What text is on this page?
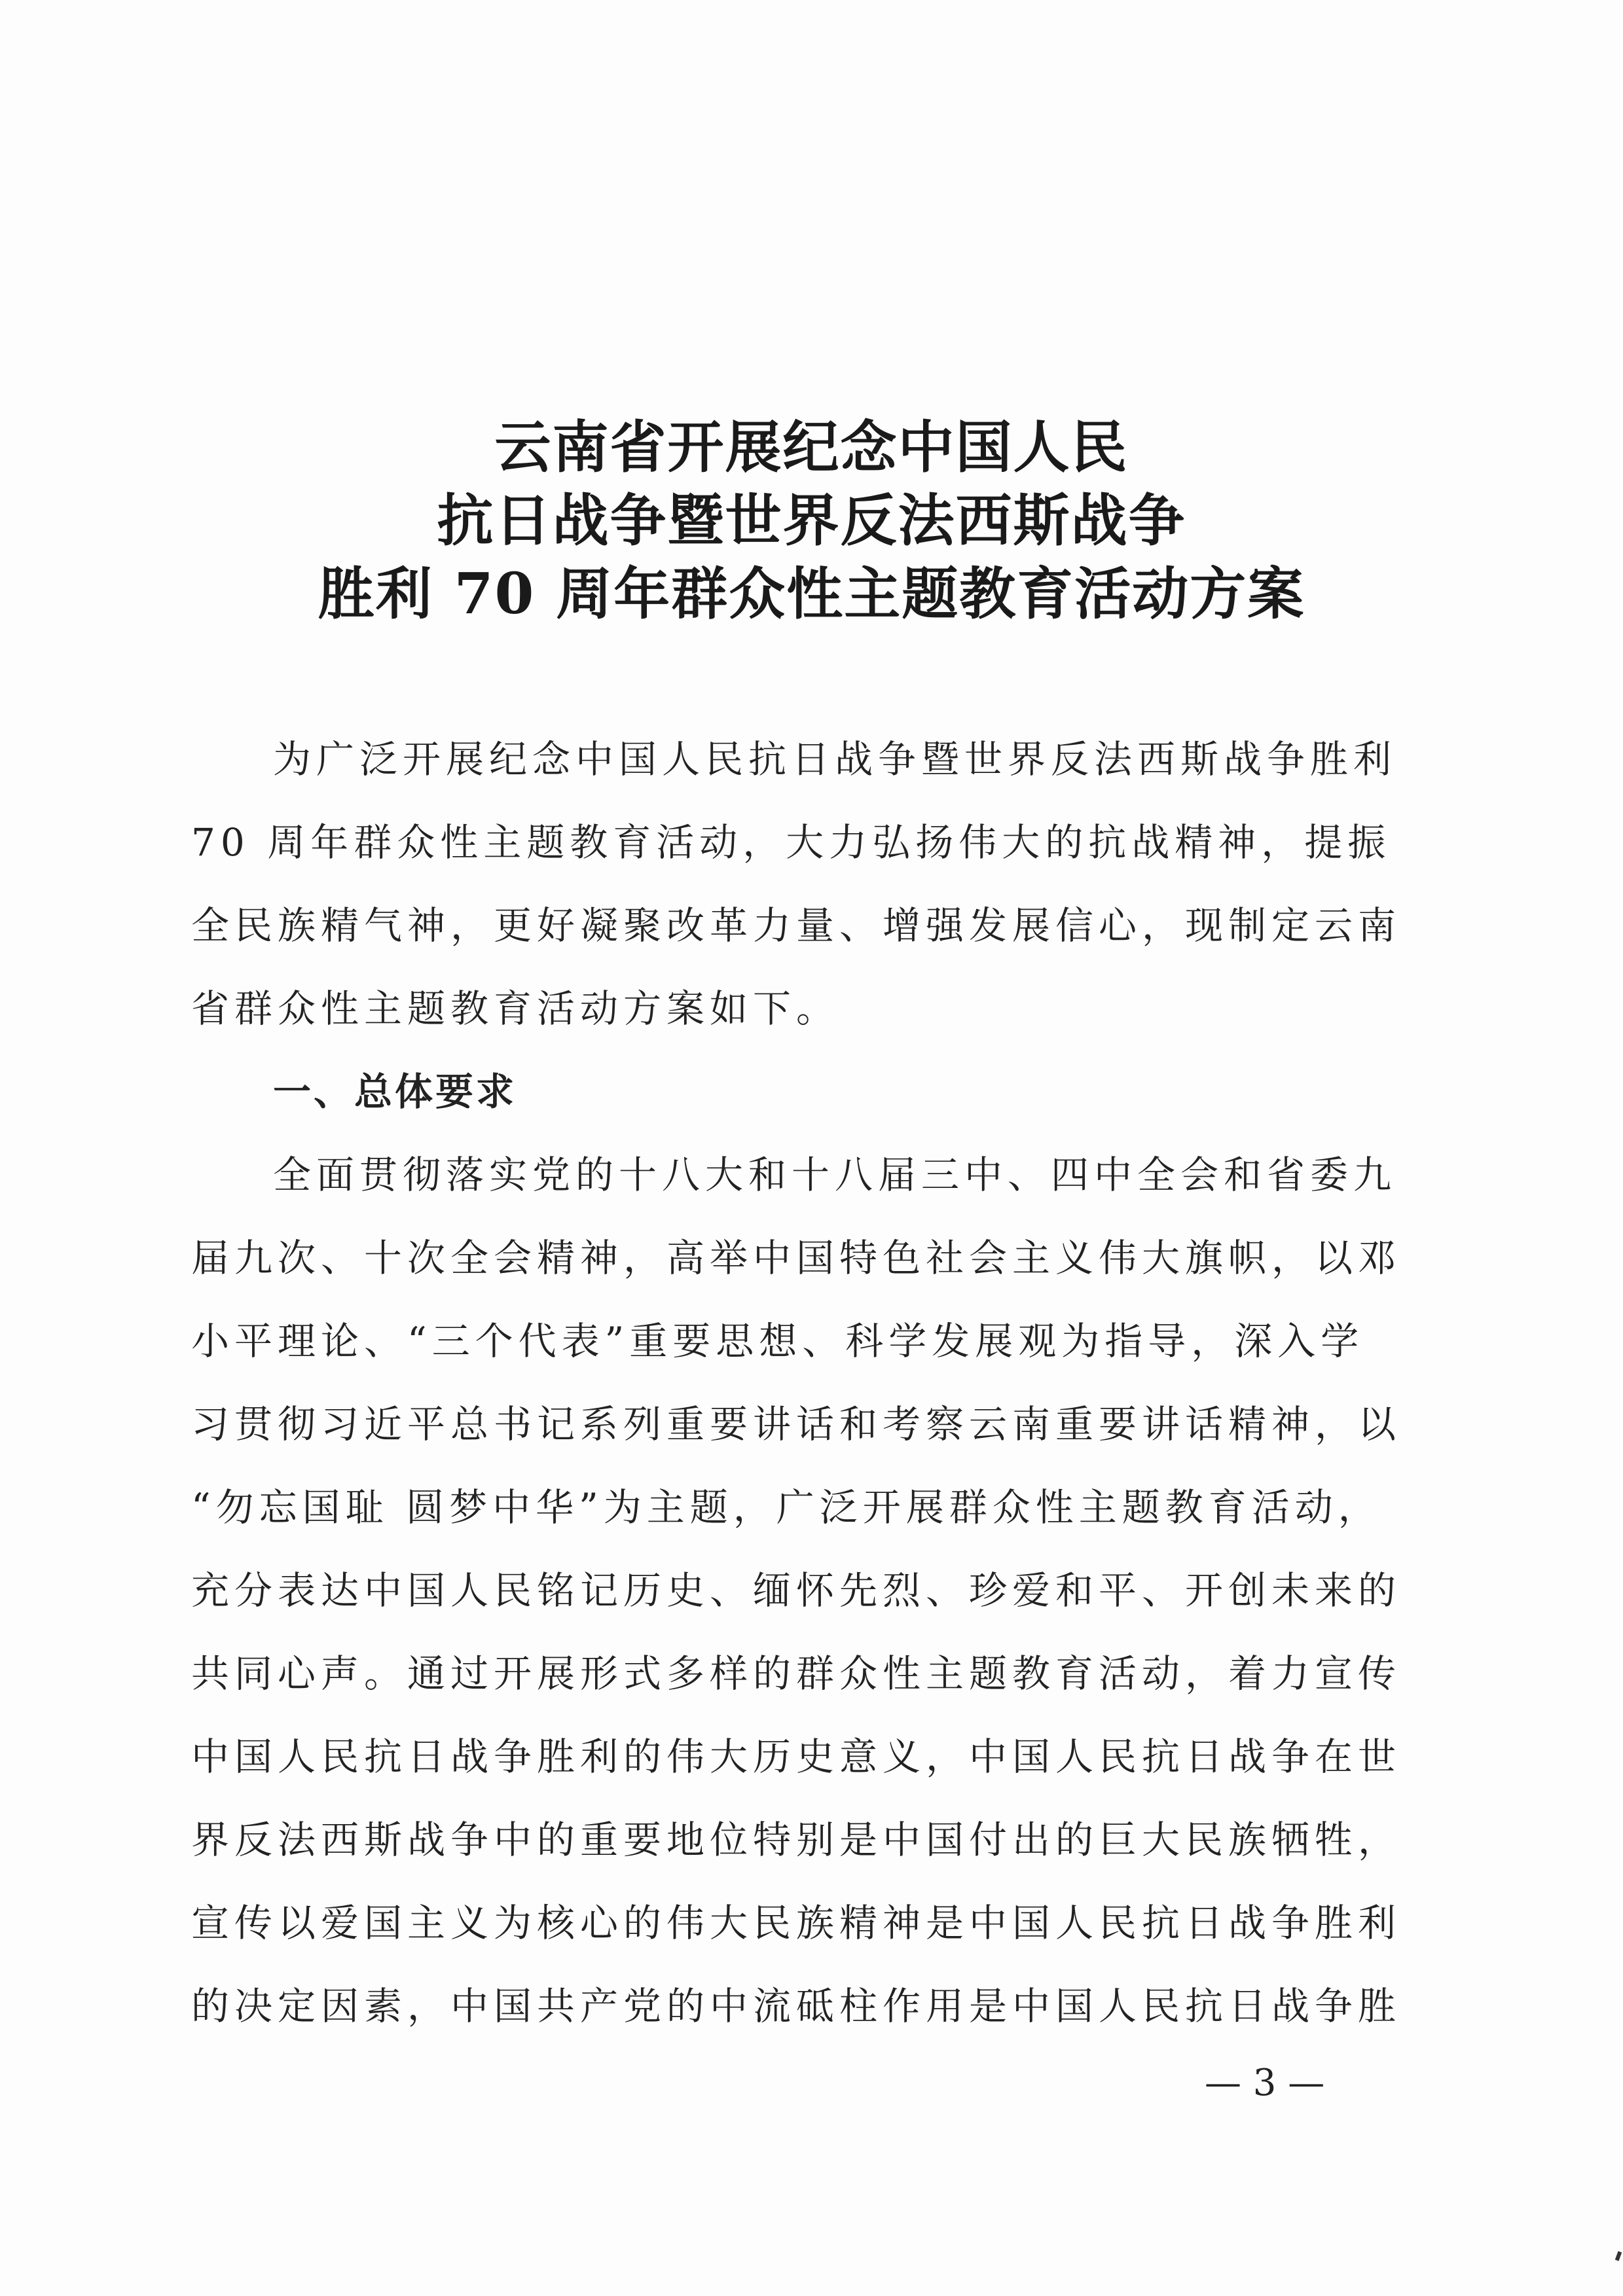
云南省开展纪念中国人民
抗日战争暨世界反法西斯战争
胜利 70 周年群众性主题教育活动方案
为广泛开展纪念中国人民抗日战争暨世界反法西斯战争胜利
70 周年群众性主题教育活动，大力弘扬伟大的抗战精神，提振
全民族精气神，更好凝聚改革力量、增强发展信心，现制定云南
省群众性主题教育活动方案如下。
一、总体要求
全面贯彻落实党的十八大和十八届三中、四中全会和省委九
届九次、十次全会精神，高举中国特色社会主义伟大旗帜，以邓
小平理论、“三个代表”重要思想、科学发展观为指导，深入学
习贯彻习近平总书记系列重要讲话和考察云南重要讲话精神，以
“勿忘国耻 圆梦中华”为主题，广泛开展群众性主题教育活动，
充分表达中国人民铭记历史、缅怀先烈、珍爱和平、开创未来的
共同心声。通过开展形式多样的群众性主题教育活动，着力宣传
中国人民抗日战争胜利的伟大历史意义，中国人民抗日战争在世
界反法西斯战争中的重要地位特别是中国付出的巨大民族牺牲，
宣传以爱国主义为核心的伟大民族精神是中国人民抗日战争胜利
的决定因素，中国共产党的中流砥柱作用是中国人民抗日战争胜
— 3 —
